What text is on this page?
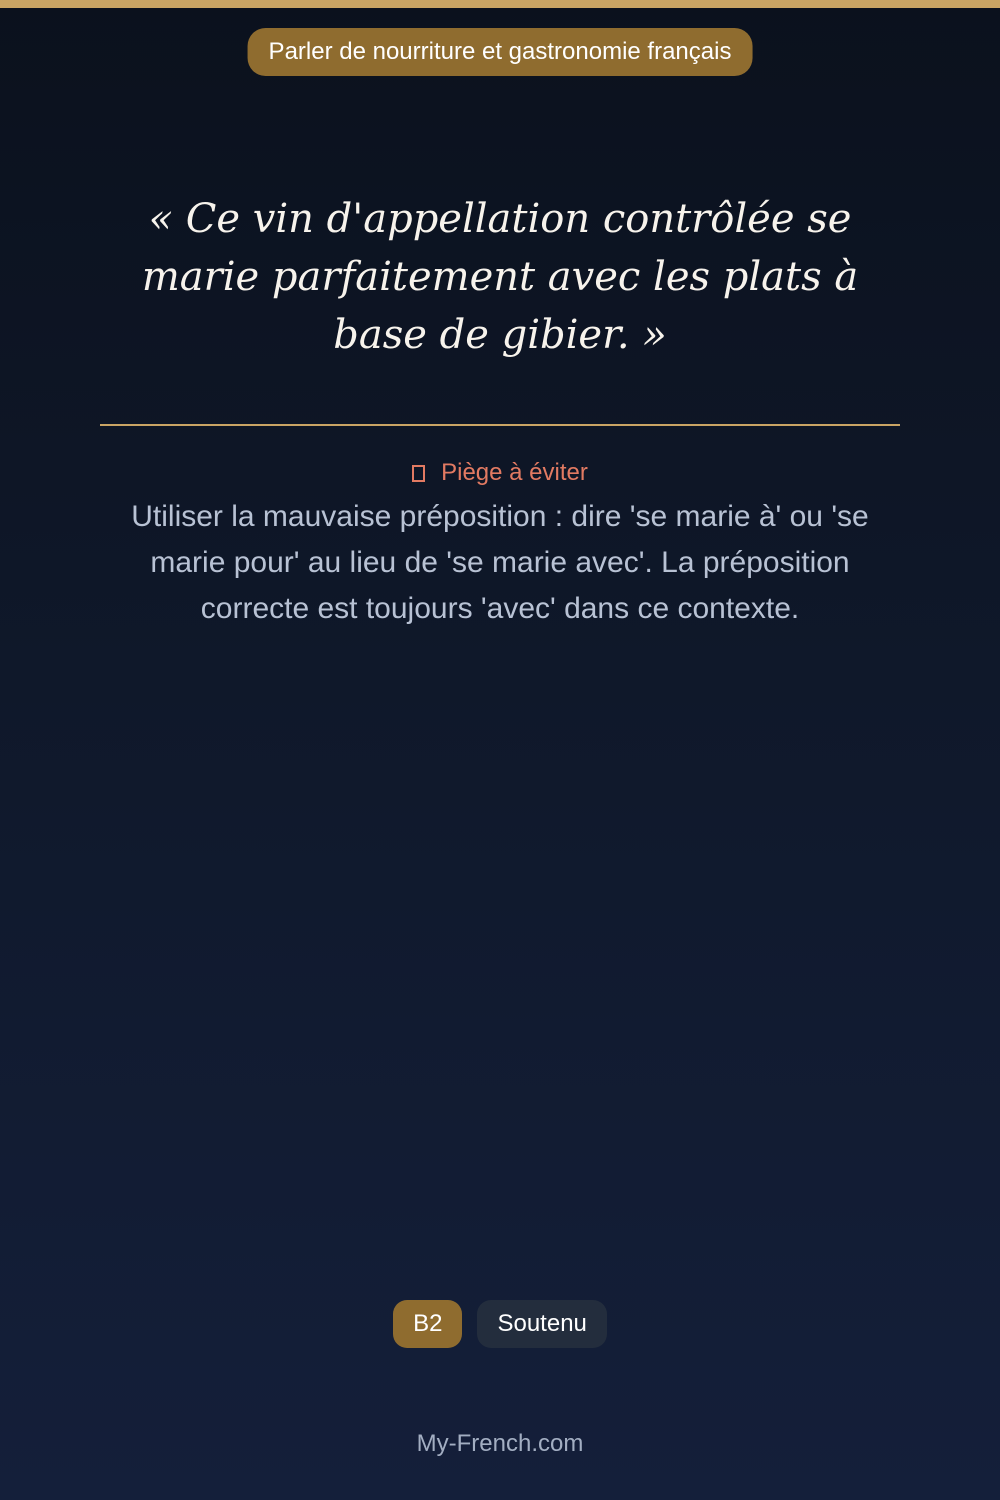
Parler de nourriture et gastronomie français
« Ce vin d'appellation contrôlée se marie parfaitement avec les plats à base de gibier. »
Piège à éviter

Utiliser la mauvaise préposition : dire 'se marie à' ou 'se marie pour' au lieu de 'se marie avec'. La préposition correcte est toujours 'avec' dans ce contexte.

B2	Soutenu
My-French.com
